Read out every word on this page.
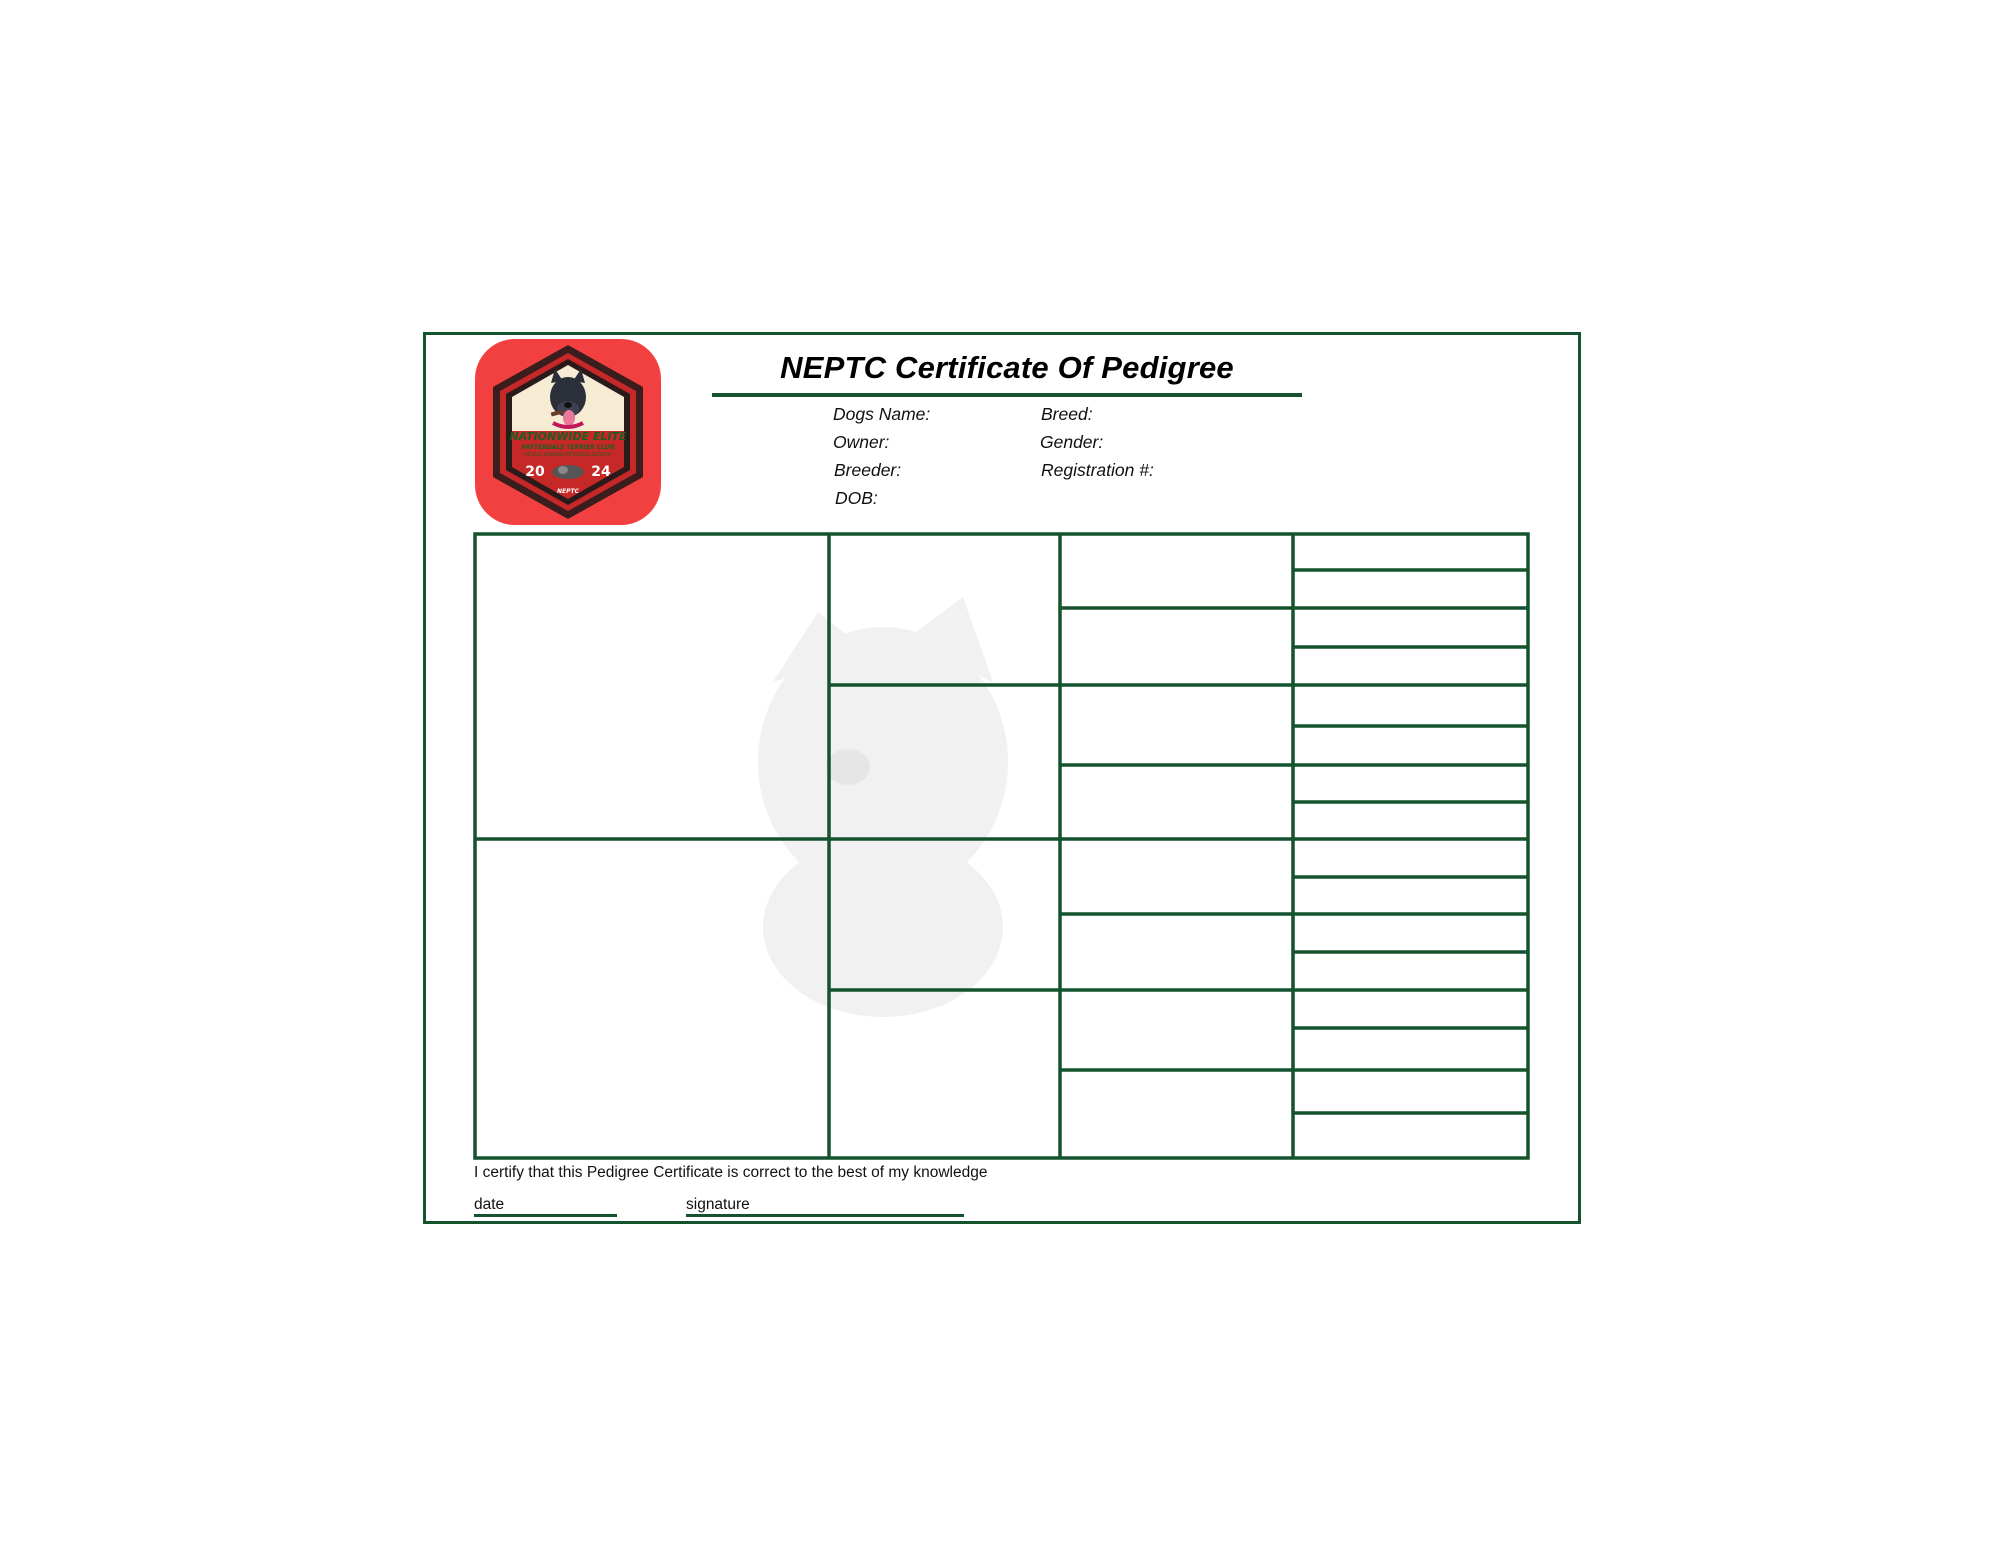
NATIONWIDE ELITE
PATTERDALE TERRIER CLUB
OFFICIAL WORKING PATTERDALE REGISTRY
20	24
NEPTC
NEPTC Certificate Of Pedigree
Dogs Name:	Breed:
Owner:	Gender:
Breeder:	Registration #:
DOB:
I certify that this Pedigree Certificate is correct to the best of my knowledge
date	signature
